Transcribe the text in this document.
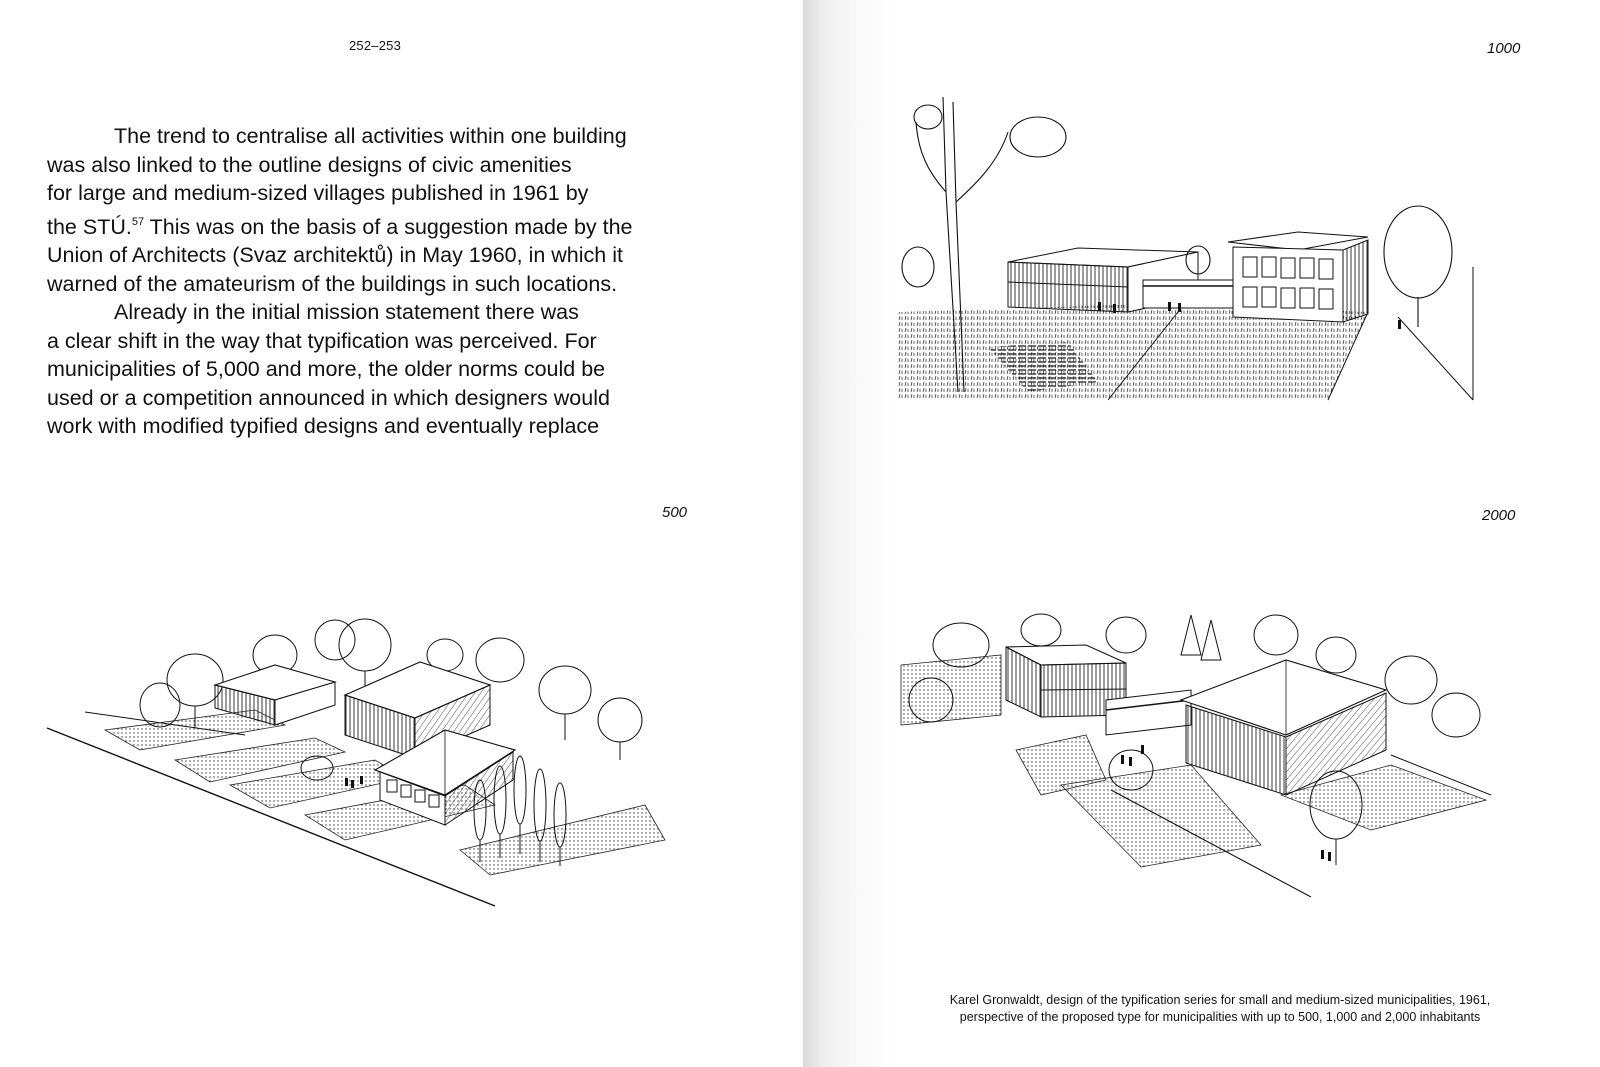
252–253

The trend to centralise all activities within one building

was also linked to the outline designs of civic amenities

for large and medium-sized villages published in 1961 by

the STÚ.$^{57}$ This was on the basis of a suggestion made by the

Union of Architects (Svaz architektů) in May 1960, in which it

warned of the amateurism of the buildings in such locations.

Already in the initial mission statement there was

a clear shift in the way that typification was perceived. For

municipalities of 5,000 and more, the older norms could be

used or a competition announced in which designers would

work with modified typified designs and eventually replace

500
1000
2000
Karel Gronwaldt, design of the typification series for small and medium-sized municipalities, 1961,
perspective of the proposed type for municipalities with up to 500, 1,000 and 2,000 inhabitants
